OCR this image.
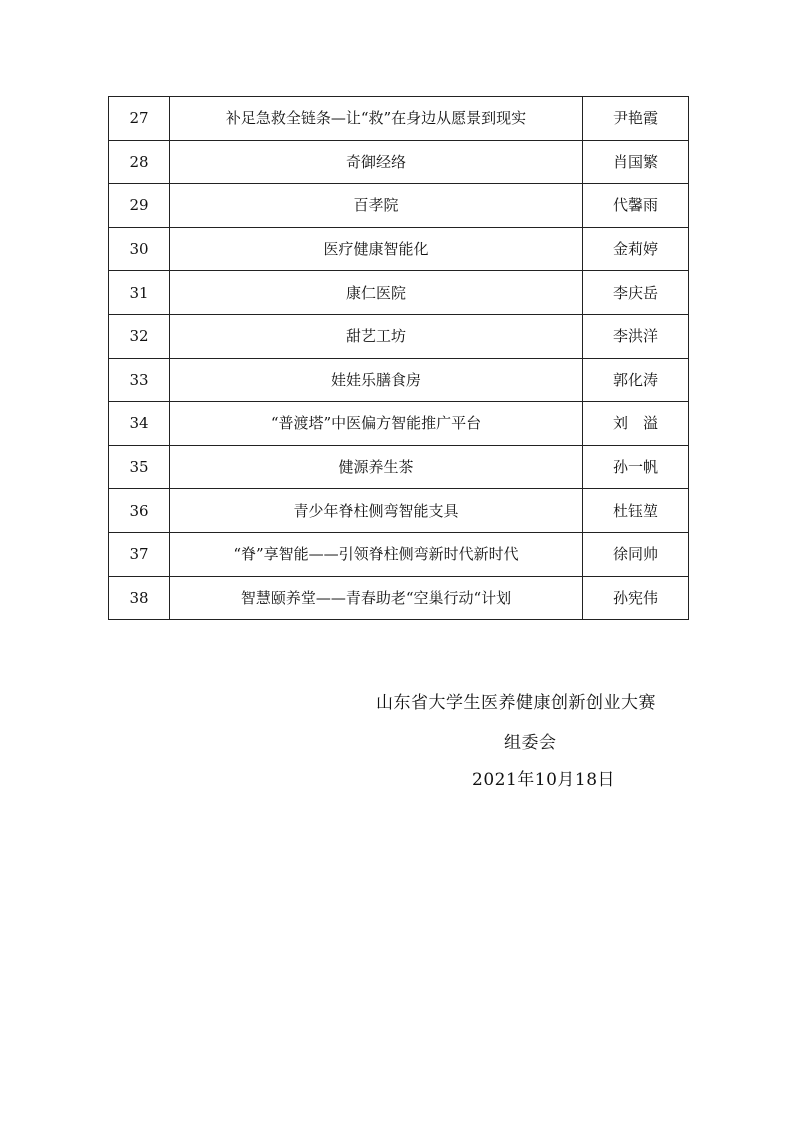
27	补足急救全链条—让“救”在身边从愿景到现实	尹艳霞
28	奇御经络	肖国繁
29	百孝院	代馨雨
30	医疗健康智能化	金莉婷
31	康仁医院	李庆岳
32	甜艺工坊	李洪洋
33	娃娃乐膳食房	郭化涛
34	“普渡塔”中医偏方智能推广平台	刘　溢
35	健源养生茶	孙一帆
36	青少年脊柱侧弯智能支具	杜钰堃
37	“脊”享智能——引领脊柱侧弯新时代新时代	徐同帅
38	智慧颐养堂——青春助老“空巢行动“计划	孙宪伟
山东省大学生医养健康创新创业大赛
组委会
2021年10月18日
